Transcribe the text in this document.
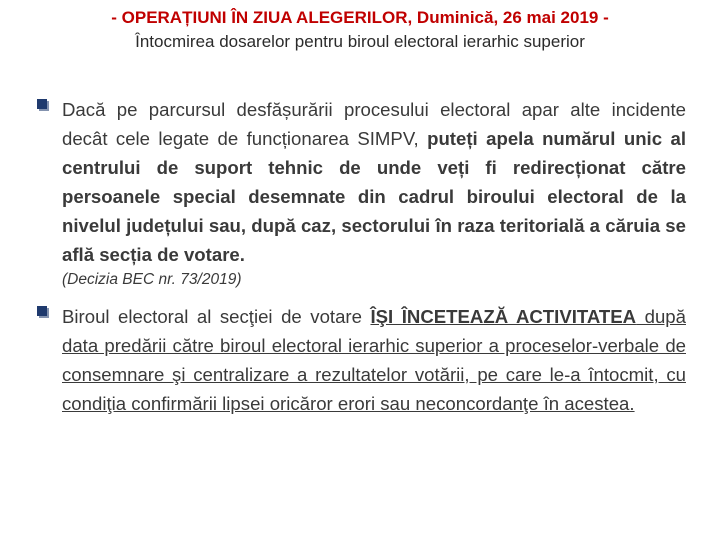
- OPERAȚIUNI ÎN ZIUA ALEGERILOR, Duminică, 26 mai 2019 -
Întocmirea dosarelor pentru biroul electoral ierarhic superior
Dacă pe parcursul desfășurării procesului electoral apar alte incidente decât cele legate de funcționarea SIMPV, puteți apela numărul unic al centrului de suport tehnic de unde veți fi redirecționat către persoanele special desemnate din cadrul biroului electoral de la nivelul județului sau, după caz, sectorului în raza teritorială a căruia se află secția de votare.
(Decizia BEC nr. 73/2019)
Biroul electoral al secţiei de votare ÎŞI ÎNCETEAZĂ ACTIVITATEA după data predării către biroul electoral ierarhic superior a proceselor-verbale de consemnare şi centralizare a rezultatelor votării, pe care le-a întocmit, cu condiţia confirmării lipsei oricăror erori sau neconcordanţe în acestea.
